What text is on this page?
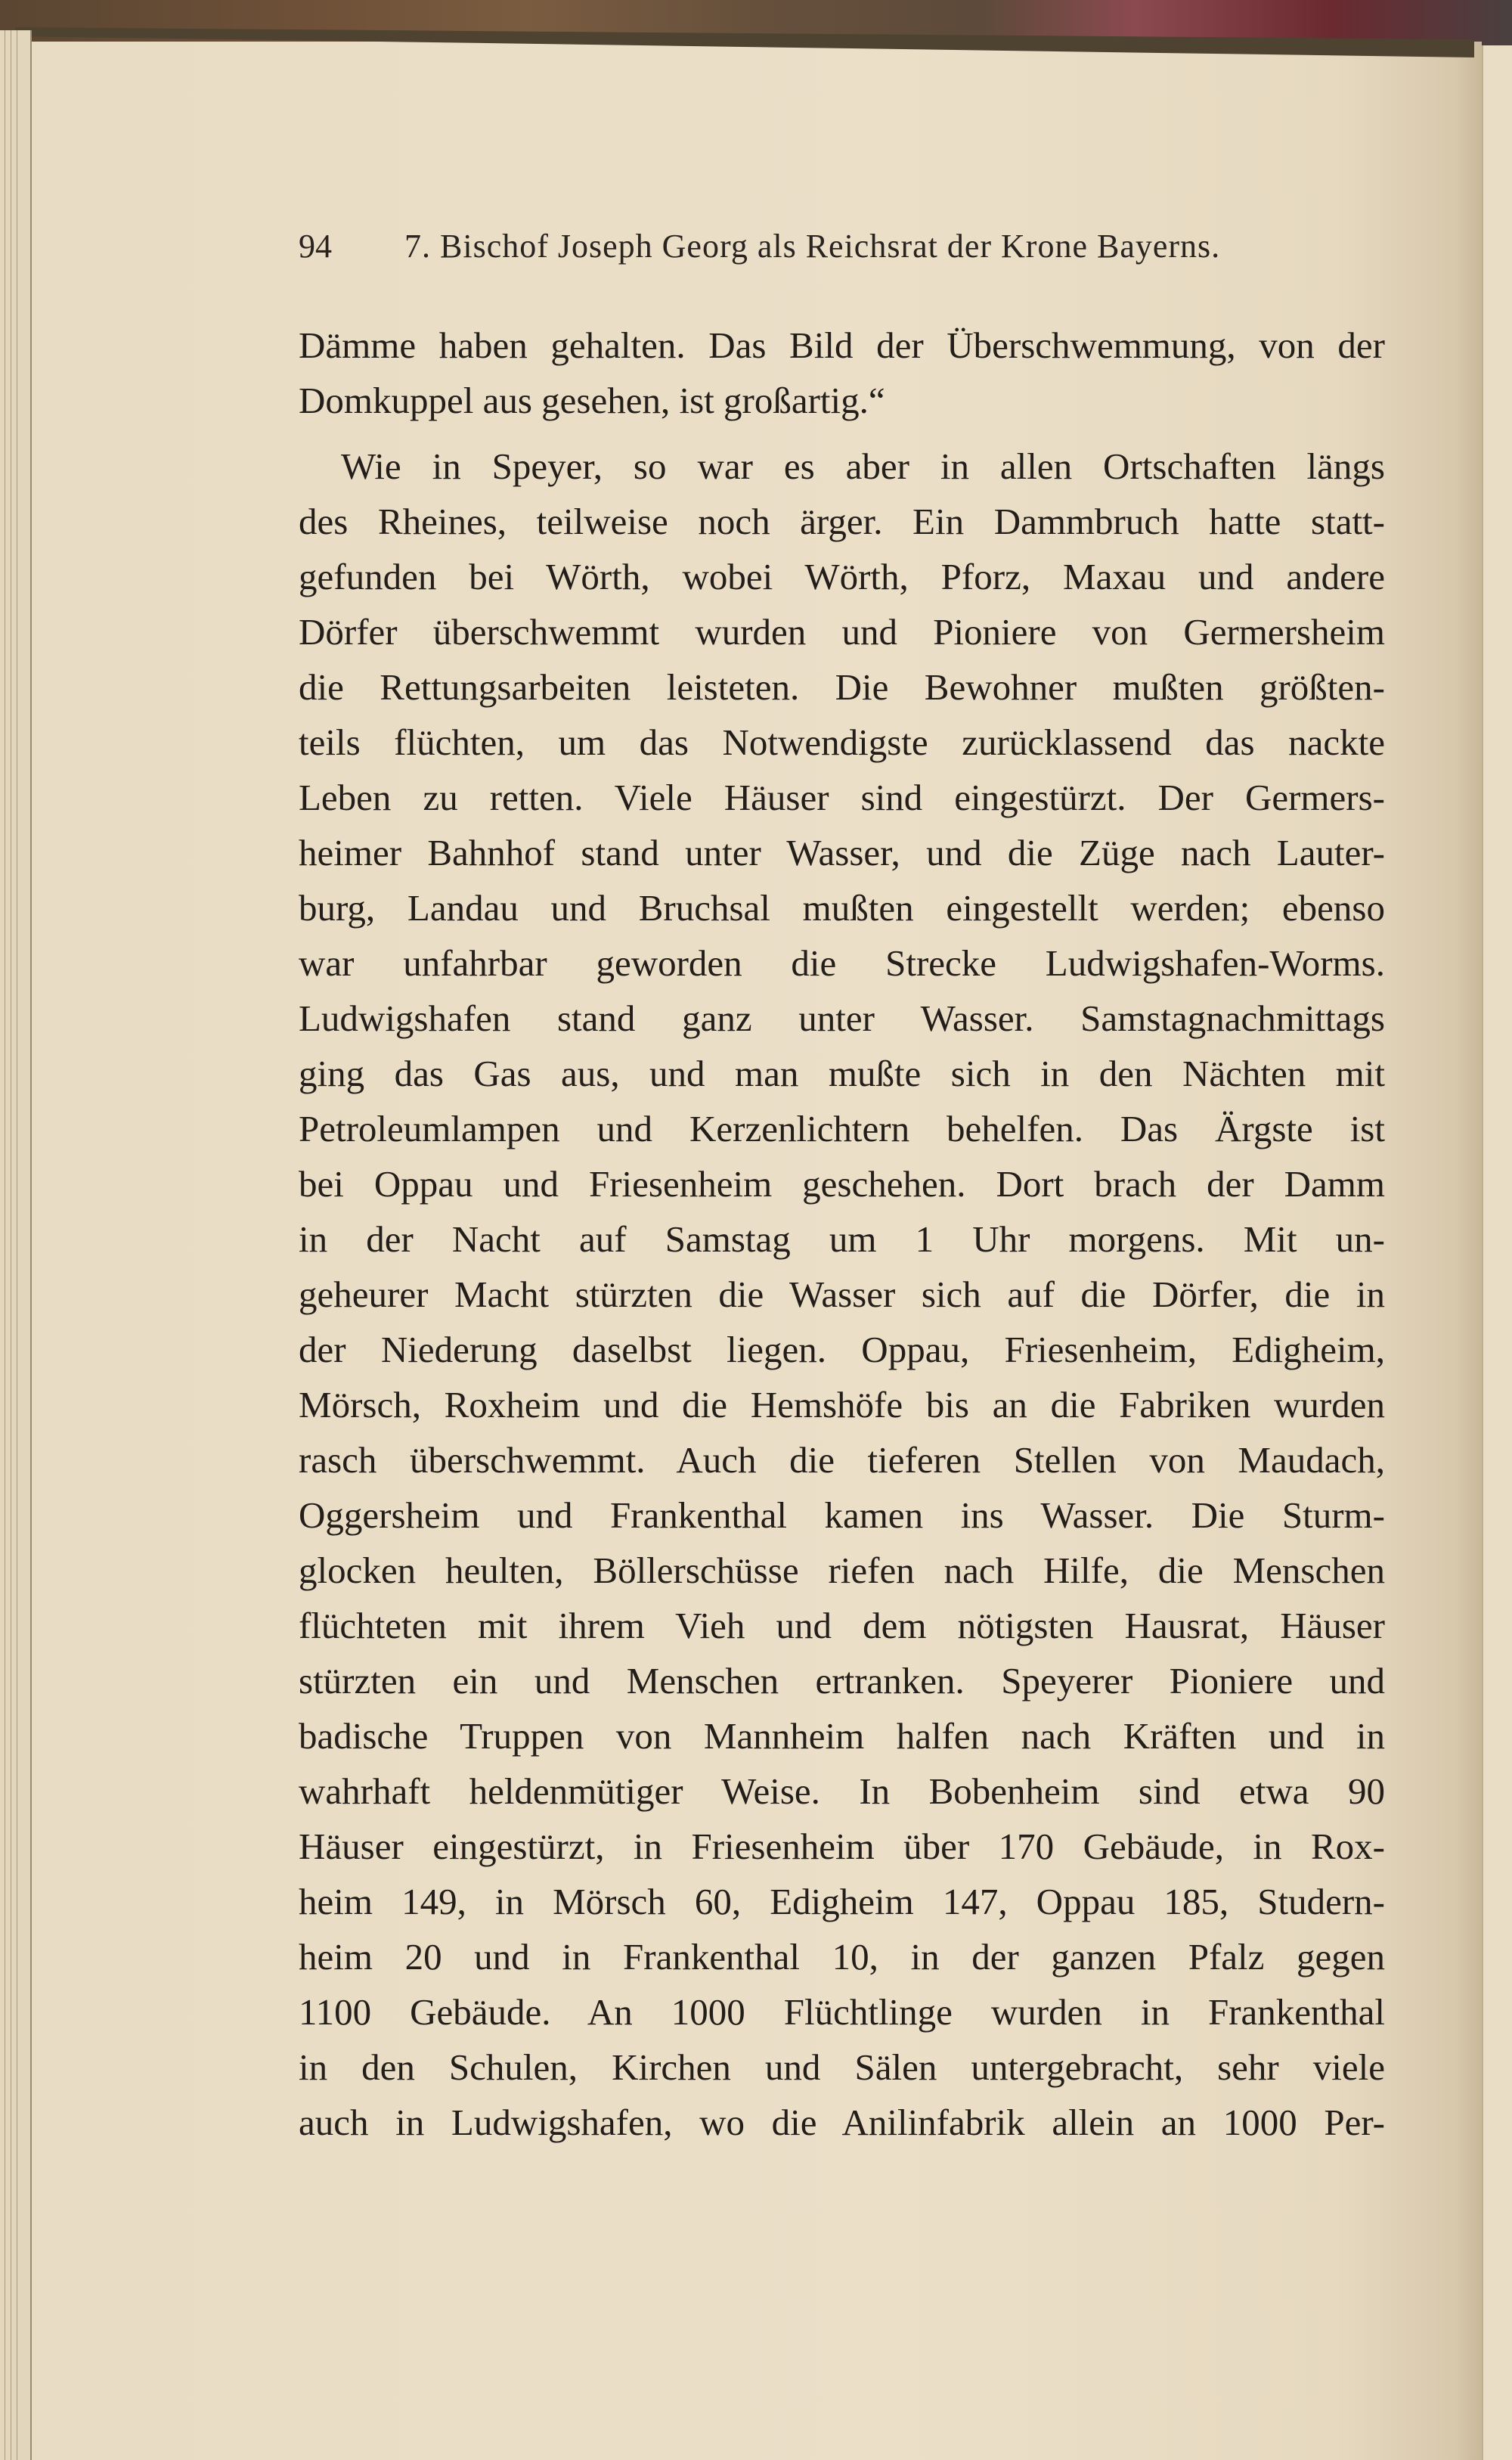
94 7. Bischof Joseph Georg als Reichsrat der Krone Bayerns.
Dämme haben gehalten. Das Bild der Überschwemmung, von der
Domkuppel aus gesehen, ist großartig.“
Wie in Speyer, so war es aber in allen Ortschaften längs
des Rheines, teilweise noch ärger. Ein Dammbruch hatte statt-
gefunden bei Wörth, wobei Wörth, Pforz, Maxau und andere
Dörfer überschwemmt wurden und Pioniere von Germersheim
die Rettungsarbeiten leisteten. Die Bewohner mußten größten-
teils flüchten, um das Notwendigste zurücklassend das nackte
Leben zu retten. Viele Häuser sind eingestürzt. Der Germers-
heimer Bahnhof stand unter Wasser, und die Züge nach Lauter-
burg, Landau und Bruchsal mußten eingestellt werden; ebenso
war unfahrbar geworden die Strecke Ludwigshafen-Worms.
Ludwigshafen stand ganz unter Wasser. Samstagnachmittags
ging das Gas aus, und man mußte sich in den Nächten mit
Petroleumlampen und Kerzenlichtern behelfen. Das Ärgste ist
bei Oppau und Friesenheim geschehen. Dort brach der Damm
in der Nacht auf Samstag um 1 Uhr morgens. Mit un-
geheurer Macht stürzten die Wasser sich auf die Dörfer, die in
der Niederung daselbst liegen. Oppau, Friesenheim, Edigheim,
Mörsch, Roxheim und die Hemshöfe bis an die Fabriken wurden
rasch überschwemmt. Auch die tieferen Stellen von Maudach,
Oggersheim und Frankenthal kamen ins Wasser. Die Sturm-
glocken heulten, Böllerschüsse riefen nach Hilfe, die Menschen
flüchteten mit ihrem Vieh und dem nötigsten Hausrat, Häuser
stürzten ein und Menschen ertranken. Speyerer Pioniere und
badische Truppen von Mannheim halfen nach Kräften und in
wahrhaft heldenmütiger Weise. In Bobenheim sind etwa 90
Häuser eingestürzt, in Friesenheim über 170 Gebäude, in Rox-
heim 149, in Mörsch 60, Edigheim 147, Oppau 185, Studern-
heim 20 und in Frankenthal 10, in der ganzen Pfalz gegen
1100 Gebäude. An 1000 Flüchtlinge wurden in Frankenthal
in den Schulen, Kirchen und Sälen untergebracht, sehr viele
auch in Ludwigshafen, wo die Anilinfabrik allein an 1000 Per-
